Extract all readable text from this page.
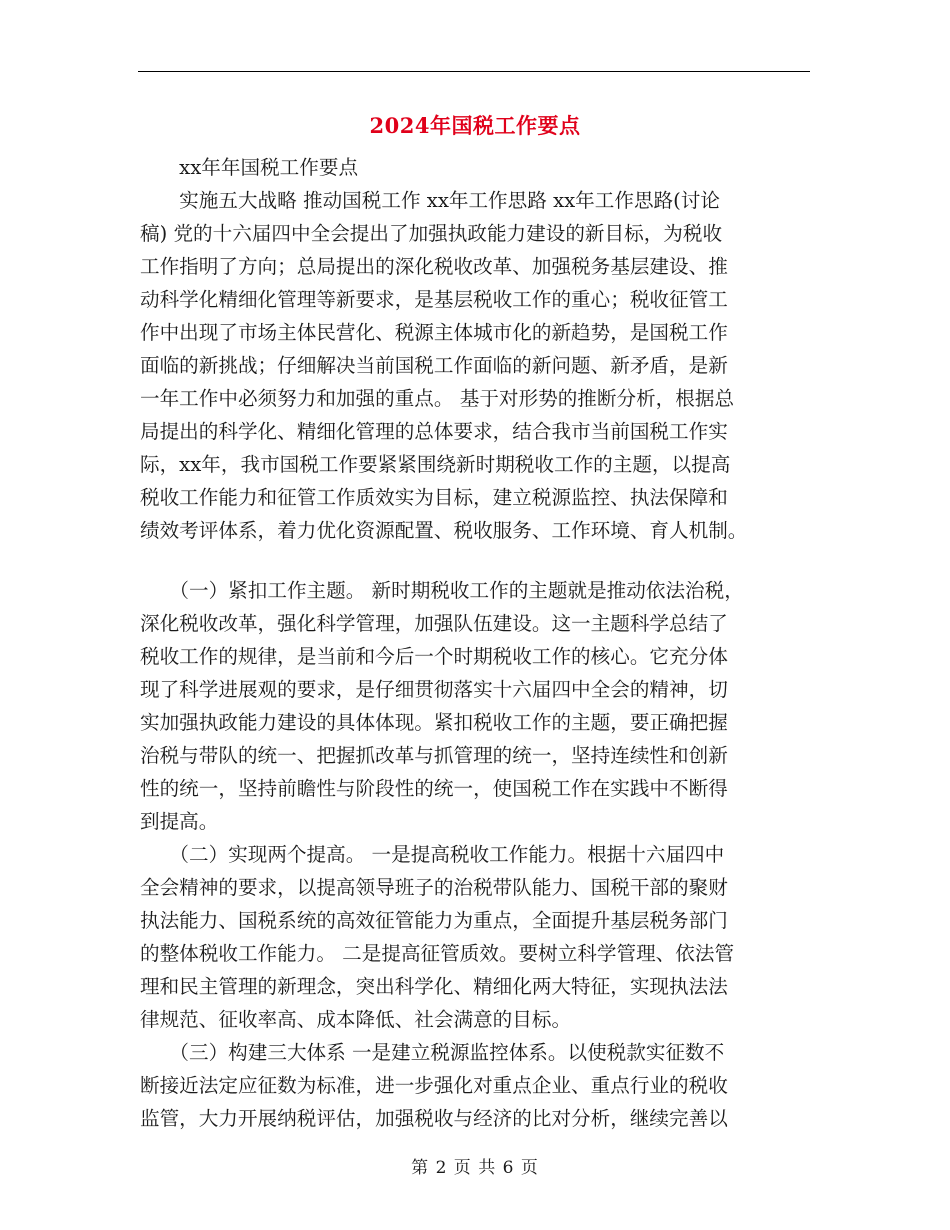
2024年国税工作要点
　　xx年年国税工作要点
　　实施五大战略 推动国税工作 xx年工作思路 xx年工作思路(讨论
稿) 党的十六届四中全会提出了加强执政能力建设的新目标，为税收
工作指明了方向；总局提出的深化税收改革、加强税务基层建设、推
动科学化精细化管理等新要求，是基层税收工作的重心；税收征管工
作中出现了市场主体民营化、税源主体城市化的新趋势，是国税工作
面临的新挑战；仔细解决当前国税工作面临的新问题、新矛盾，是新
一年工作中必须努力和加强的重点。 基于对形势的推断分析，根据总
局提出的科学化、精细化管理的总体要求，结合我市当前国税工作实
际，xx年，我市国税工作要紧紧围绕新时期税收工作的主题，以提高
税收工作能力和征管工作质效实为目标，建立税源监控、执法保障和
绩效考评体系，着力优化资源配置、税收服务、工作环境、育人机制。
　　（一）紧扣工作主题。 新时期税收工作的主题就是推动依法治税，
深化税收改革，强化科学管理，加强队伍建设。这一主题科学总结了
税收工作的规律，是当前和今后一个时期税收工作的核心。它充分体
现了科学进展观的要求，是仔细贯彻落实十六届四中全会的精神，切
实加强执政能力建设的具体体现。紧扣税收工作的主题，要正确把握
治税与带队的统一、把握抓改革与抓管理的统一，坚持连续性和创新
性的统一，坚持前瞻性与阶段性的统一，使国税工作在实践中不断得
到提高。
　　（二）实现两个提高。 一是提高税收工作能力。根据十六届四中
全会精神的要求，以提高领导班子的治税带队能力、国税干部的聚财
执法能力、国税系统的高效征管能力为重点，全面提升基层税务部门
的整体税收工作能力。 二是提高征管质效。要树立科学管理、依法管
理和民主管理的新理念，突出科学化、精细化两大特征，实现执法法
律规范、征收率高、成本降低、社会满意的目标。
　　（三）构建三大体系 一是建立税源监控体系。以使税款实征数不
断接近法定应征数为标准，进一步强化对重点企业、重点行业的税收
监管，大力开展纳税评估，加强税收与经济的比对分析，继续完善以
第 2 页 共 6 页
